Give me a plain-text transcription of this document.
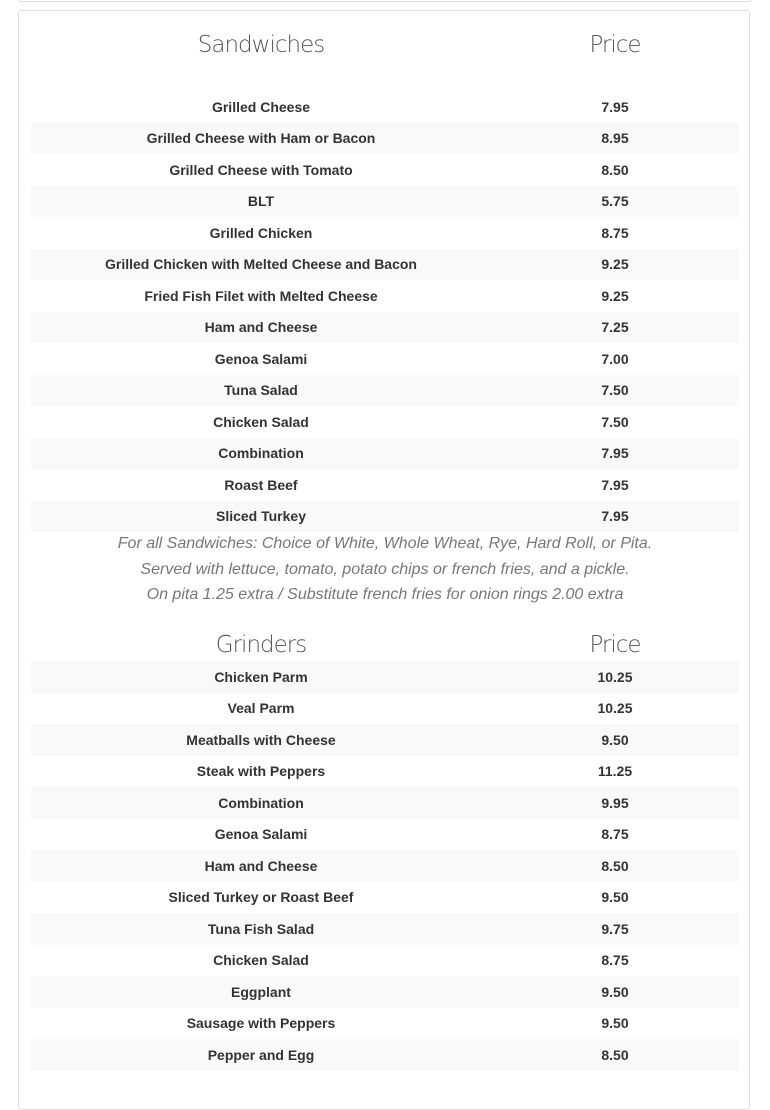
Sandwiches	Price
Grilled Cheese	7.95
Grilled Cheese with Ham or Bacon	8.95
Grilled Cheese with Tomato	8.50
BLT	5.75
Grilled Chicken	8.75
Grilled Chicken with Melted Cheese and Bacon	9.25
Fried Fish Filet with Melted Cheese	9.25
Ham and Cheese	7.25
Genoa Salami	7.00
Tuna Salad	7.50
Chicken Salad	7.50
Combination	7.95
Roast Beef	7.95
Sliced Turkey	7.95
For all Sandwiches: Choice of White, Whole Wheat, Rye, Hard Roll, or Pita.
Served with lettuce, tomato, potato chips or french fries, and a pickle.
On pita 1.25 extra / Substitute french fries for onion rings 2.00 extra
Grinders	Price
Chicken Parm	10.25
Veal Parm	10.25
Meatballs with Cheese	9.50
Steak with Peppers	11.25
Combination	9.95
Genoa Salami	8.75
Ham and Cheese	8.50
Sliced Turkey or Roast Beef	9.50
Tuna Fish Salad	9.75
Chicken Salad	8.75
Eggplant	9.50
Sausage with Peppers	9.50
Pepper and Egg	8.50
